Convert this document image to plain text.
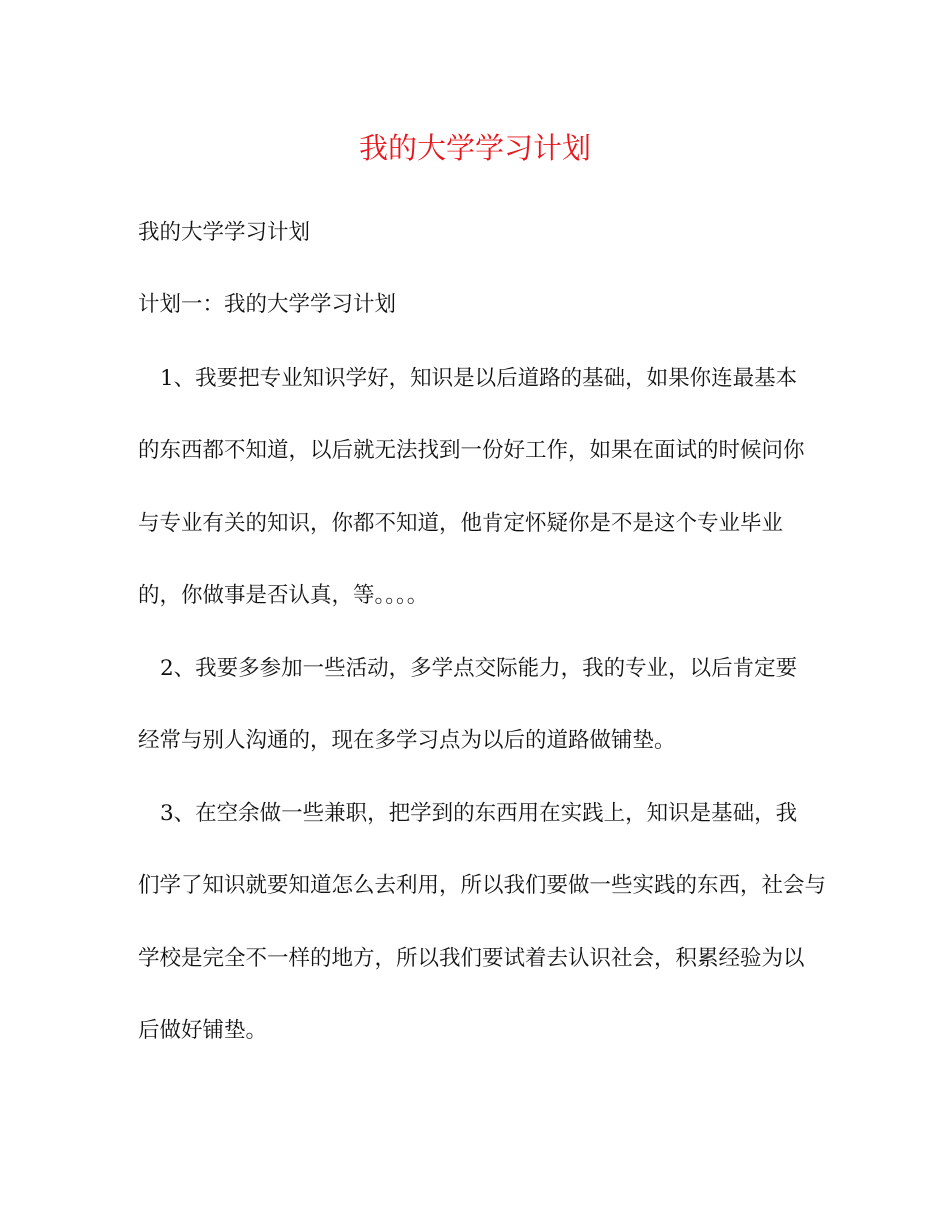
我的大学学习计划

我的大学学习计划

计划一：我的大学学习计划

1、我要把专业知识学好，知识是以后道路的基础，如果你连最基本

的东西都不知道，以后就无法找到一份好工作，如果在面试的时候问你

与专业有关的知识，你都不知道，他肯定怀疑你是不是这个专业毕业

的，你做事是否认真，等。。。。

2、我要多参加一些活动，多学点交际能力，我的专业，以后肯定要

经常与别人沟通的，现在多学习点为以后的道路做铺垫。

3、在空余做一些兼职，把学到的东西用在实践上，知识是基础，我

们学了知识就要知道怎么去利用，所以我们要做一些实践的东西，社会与

学校是完全不一样的地方，所以我们要试着去认识社会，积累经验为以

后做好铺垫。
